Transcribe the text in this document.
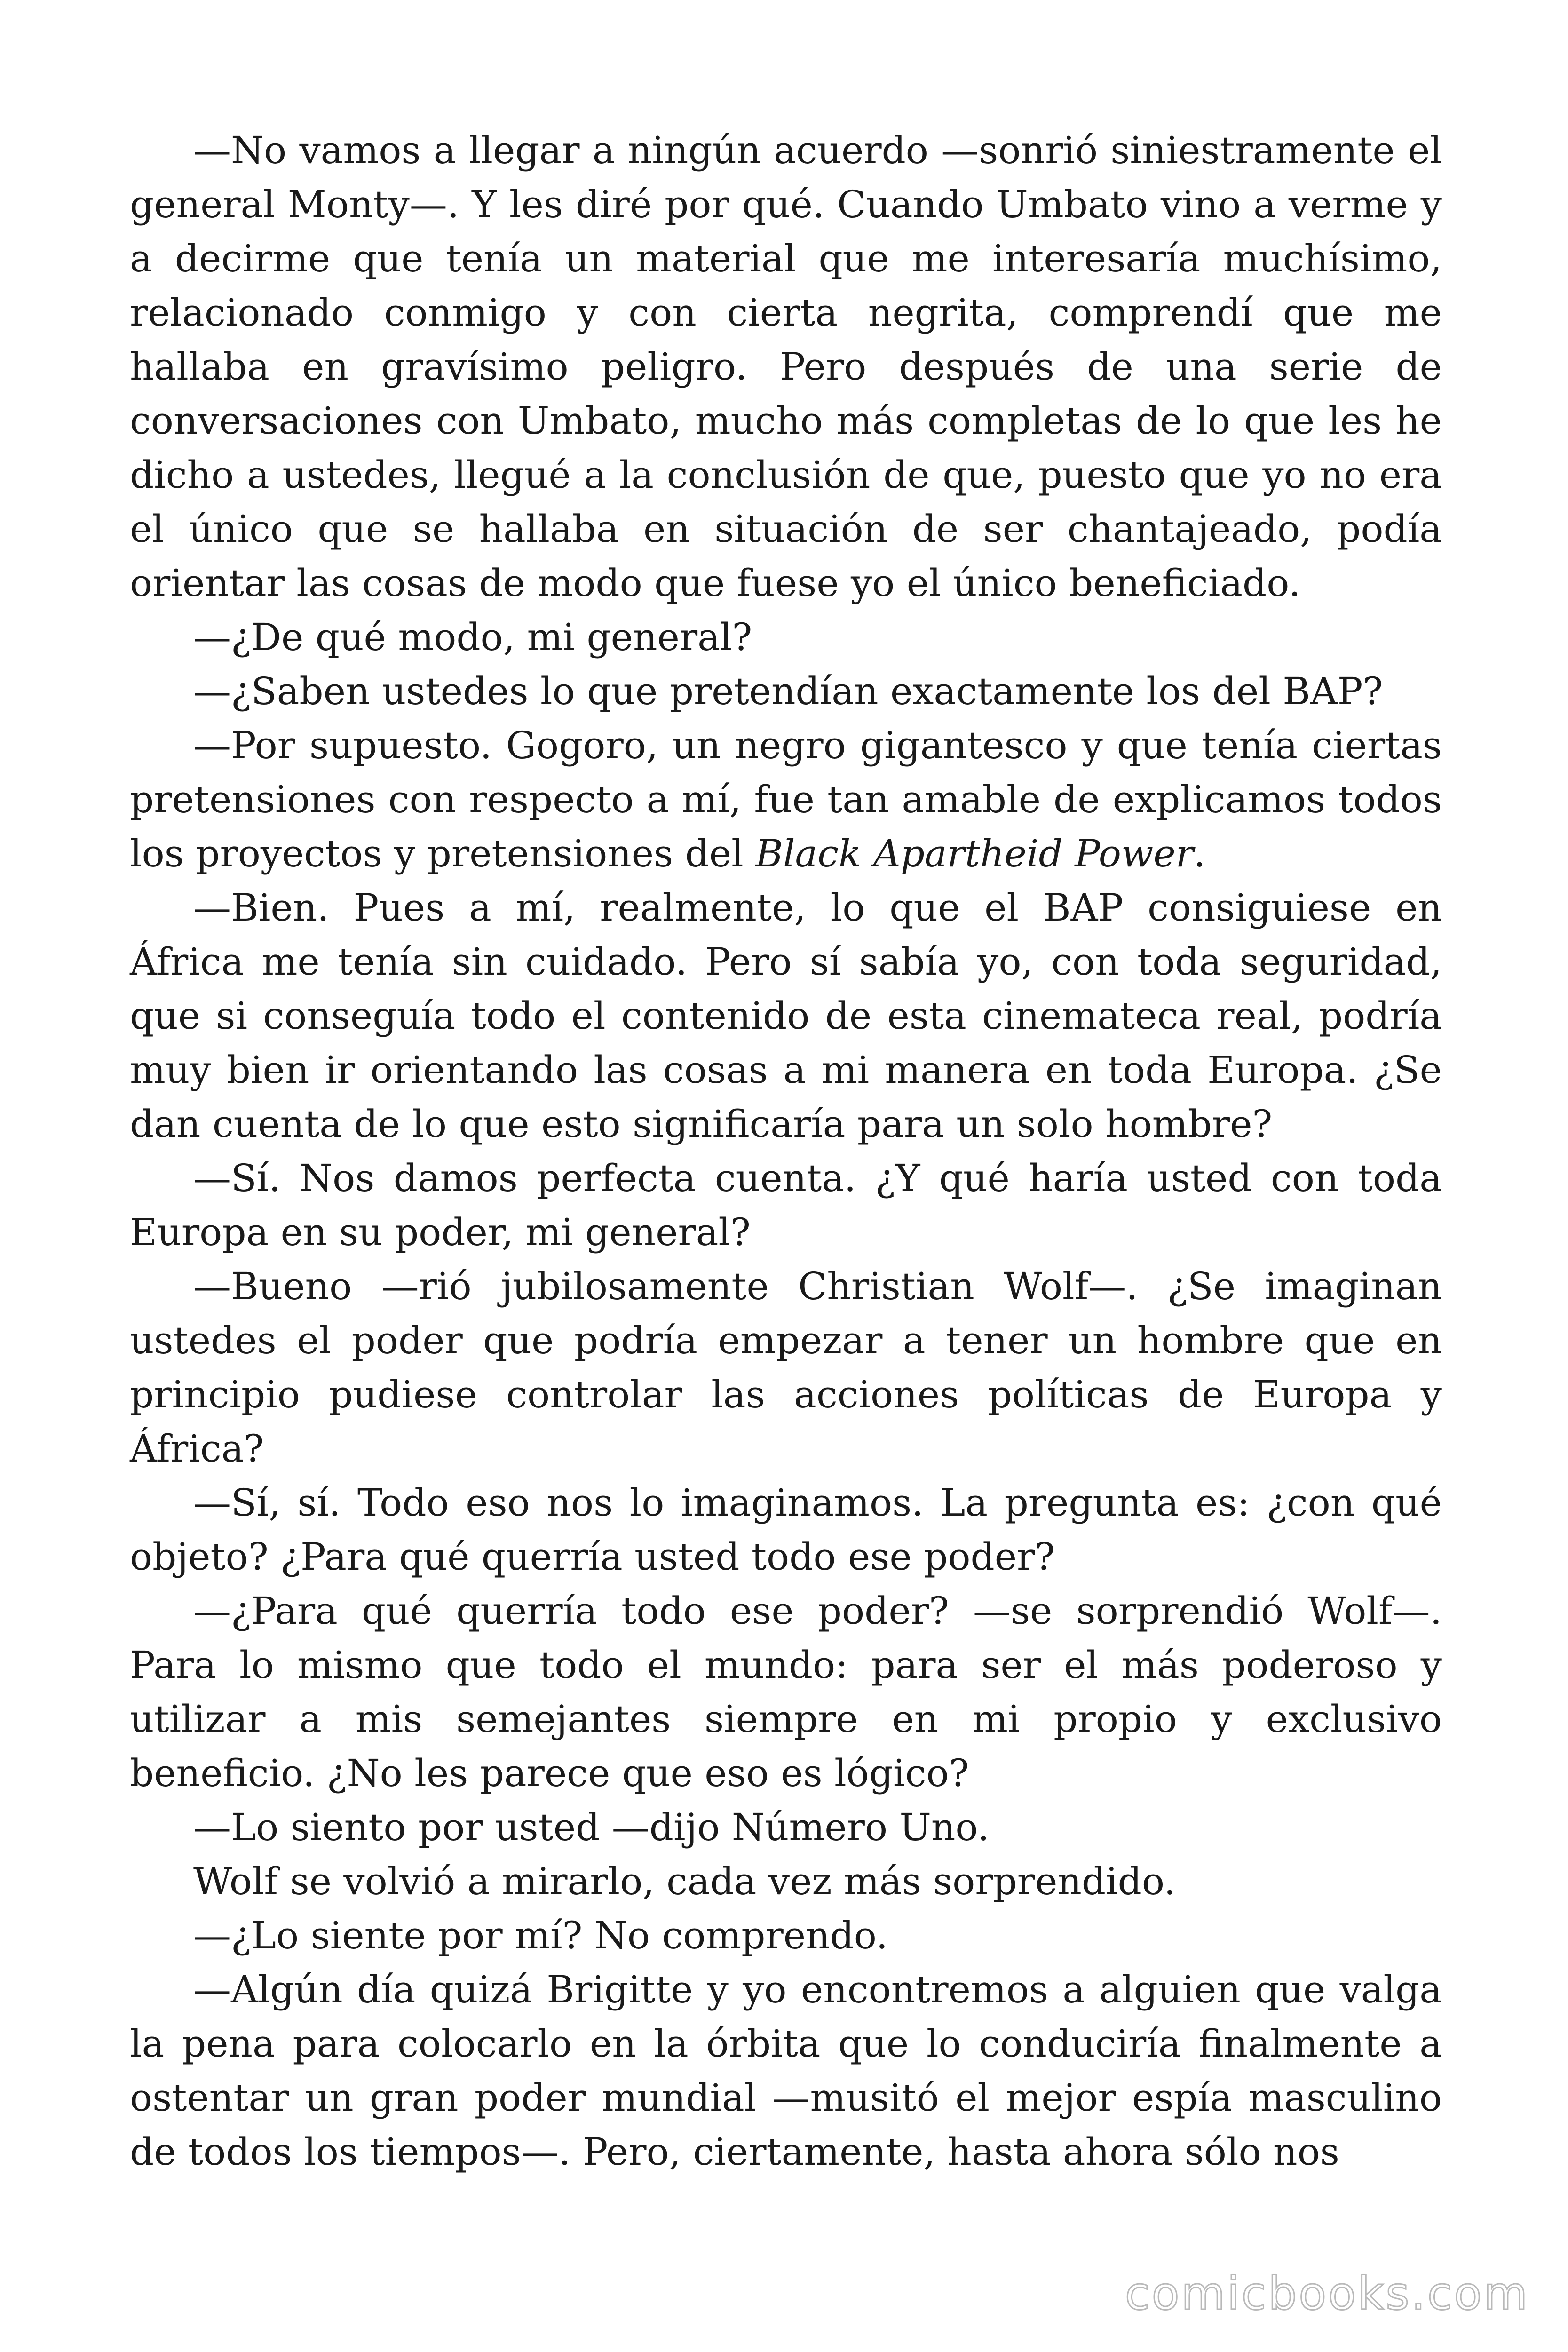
—No vamos a llegar a ningún acuerdo —sonrió siniestramente el general Monty—. Y les diré por qué. Cuando Umbato vino a verme y a decirme que tenía un material que me interesaría muchísimo, relacionado conmigo y con cierta negrita, comprendí que me hallaba en gravísimo peligro. Pero después de una serie de conversaciones con Umbato, mucho más completas de lo que les he dicho a ustedes, llegué a la conclusión de que, puesto que yo no era el único que se hallaba en situación de ser chantajeado, podía orientar las cosas de modo que fuese yo el único beneficiado.

—¿De qué modo, mi general?

—¿Saben ustedes lo que pretendían exactamente los del BAP?

—Por supuesto. Gogoro, un negro gigantesco y que tenía ciertas pretensiones con respecto a mí, fue tan amable de explicamos todos los proyectos y pretensiones del Black Apartheid Power.

—Bien. Pues a mí, realmente, lo que el BAP consiguiese en África me tenía sin cuidado. Pero sí sabía yo, con toda seguridad, que si conseguía todo el contenido de esta cinemateca real, podría muy bien ir orientando las cosas a mi manera en toda Europa. ¿Se dan cuenta de lo que esto significaría para un solo hombre?

—Sí. Nos damos perfecta cuenta. ¿Y qué haría usted con toda Europa en su poder, mi general?

—Bueno —rió jubilosamente Christian Wolf—. ¿Se imaginan ustedes el poder que podría empezar a tener un hombre que en principio pudiese controlar las acciones políticas de Europa y África?

—Sí, sí. Todo eso nos lo imaginamos. La pregunta es: ¿con qué objeto? ¿Para qué querría usted todo ese poder?

—¿Para qué querría todo ese poder? —se sorprendió Wolf—. Para lo mismo que todo el mundo: para ser el más poderoso y utilizar a mis semejantes siempre en mi propio y exclusivo beneficio. ¿No les parece que eso es lógico?

—Lo siento por usted —dijo Número Uno.

Wolf se volvió a mirarlo, cada vez más sorprendido.

—¿Lo siente por mí? No comprendo.

—Algún día quizá Brigitte y yo encontremos a alguien que valga la pena para colocarlo en la órbita que lo conduciría finalmente a ostentar un gran poder mundial —musitó el mejor espía masculino de todos los tiempos—. Pero, ciertamente, hasta ahora sólo nos

comicbooks.com
